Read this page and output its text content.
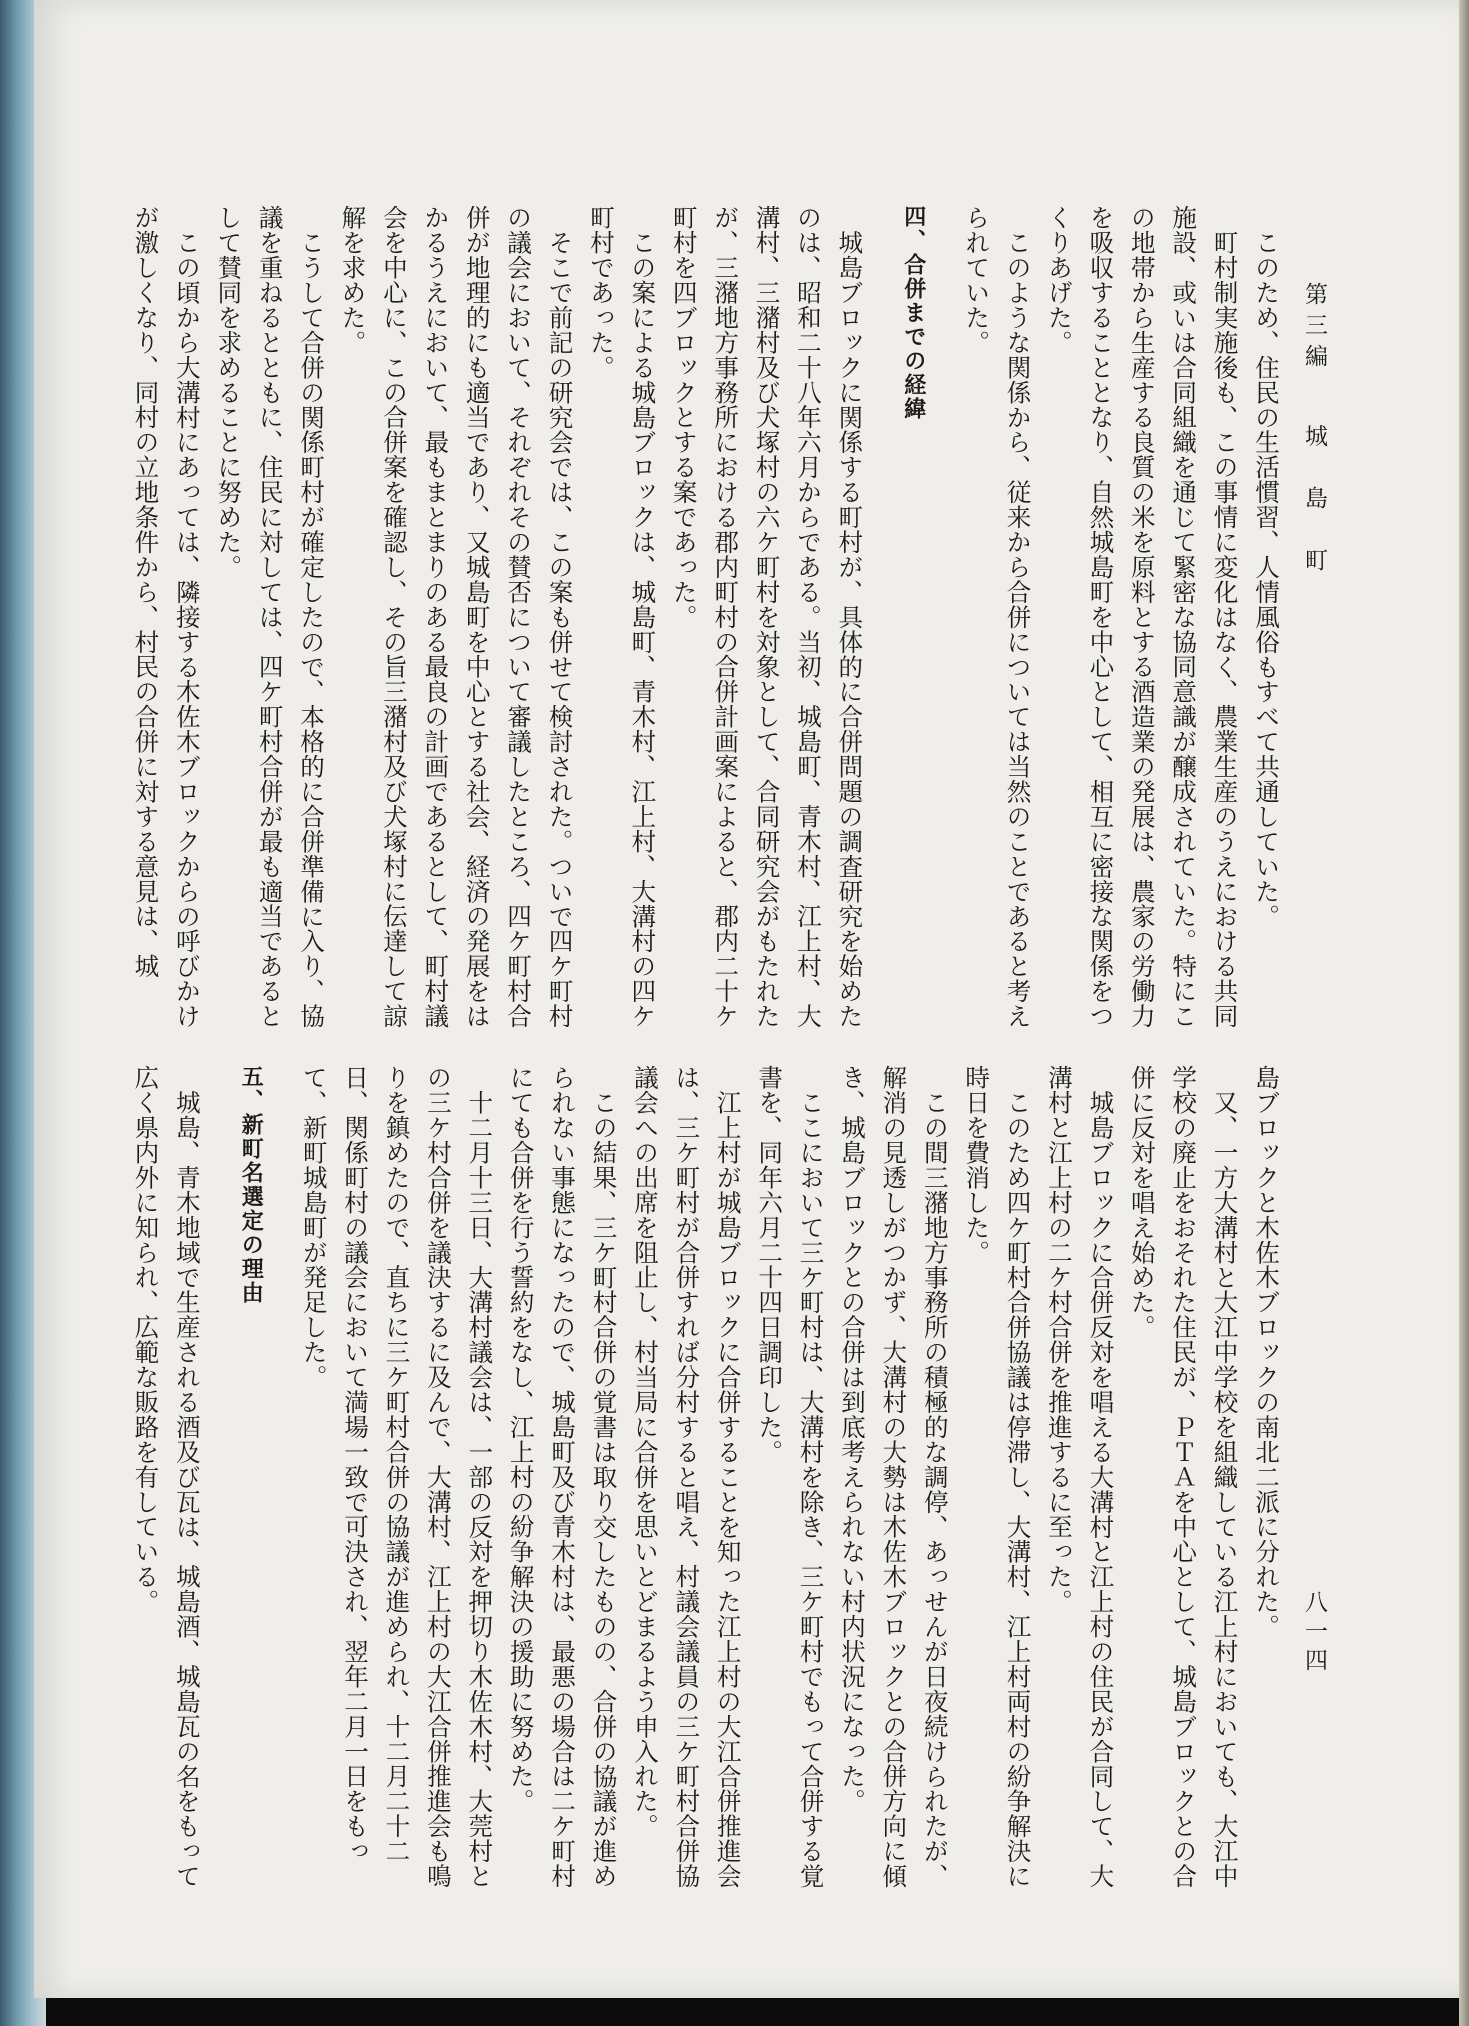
第三編　城　島　町
八一四

このため、住民の生活慣習、人情風俗もすべて共通していた。

町村制実施後も、この事情に変化はなく、農業生産のうえにおける共同施設、或いは合同組織を通じて緊密な協同意識が醸成されていた。特にこの地帯から生産する良質の米を原料とする酒造業の発展は、農家の労働力を吸収することとなり、自然城島町を中心として、相互に密接な関係をつくりあげた。

このような関係から、従来から合併については当然のことであると考えられていた。

四、合併までの経緯

城島ブロックに関係する町村が、具体的に合併問題の調査研究を始めたのは、昭和二十八年六月からである。当初、城島町、青木村、江上村、大溝村、三潴村及び犬塚村の六ケ町村を対象として、合同研究会がもたれたが、三潴地方事務所における郡内町村の合併計画案によると、郡内二十ケ町村を四ブロックとする案であった。

この案による城島ブロックは、城島町、青木村、江上村、大溝村の四ケ町村であった。

そこで前記の研究会では、この案も併せて検討された。ついで四ケ町村の議会において、それぞれその賛否について審議したところ、四ケ町村合併が地理的にも適当であり、又城島町を中心とする社会、経済の発展をはかるうえにおいて、最もまとまりのある最良の計画であるとして、町村議会を中心に、この合併案を確認し、その旨三潴村及び犬塚村に伝達して諒解を求めた。

こうして合併の関係町村が確定したので、本格的に合併準備に入り、協議を重ねるとともに、住民に対しては、四ケ町村合併が最も適当であるとして賛同を求めることに努めた。

この頃から大溝村にあっては、隣接する木佐木ブロックからの呼びかけが激しくなり、同村の立地条件から、村民の合併に対する意見は、城

島ブロックと木佐木ブロックの南北二派に分れた。

又、一方大溝村と大江中学校を組織している江上村においても、大江中学校の廃止をおそれた住民が、ＰＴＡを中心として、城島ブロックとの合併に反対を唱え始めた。

城島ブロックに合併反対を唱える大溝村と江上村の住民が合同して、大溝村と江上村の二ケ村合併を推進するに至った。

このため四ケ町村合併協議は停滞し、大溝村、江上村両村の紛争解決に時日を費消した。

この間三潴地方事務所の積極的な調停、あっせんが日夜続けられたが、解消の見透しがつかず、大溝村の大勢は木佐木ブロックとの合併方向に傾き、城島ブロックとの合併は到底考えられない村内状況になった。

ここにおいて三ケ町村は、大溝村を除き、三ケ町村でもって合併する覚書を、同年六月二十四日調印した。

江上村が城島ブロックに合併することを知った江上村の大江合併推進会は、三ケ町村が合併すれば分村すると唱え、村議会議員の三ケ町村合併協議会への出席を阻止し、村当局に合併を思いとどまるよう申入れた。

この結果、三ケ町村合併の覚書は取り交したものの、合併の協議が進められない事態になったので、城島町及び青木村は、最悪の場合は二ケ町村にても合併を行う誓約をなし、江上村の紛争解決の援助に努めた。

十二月十三日、大溝村議会は、一部の反対を押切り木佐木村、大莞村との三ケ村合併を議決するに及んで、大溝村、江上村の大江合併推進会も鳴りを鎮めたので、直ちに三ケ町村合併の協議が進められ、十二月二十二日、関係町村の議会において満場一致で可決され、翌年二月一日をもって、新町城島町が発足した。

五、新町名選定の理由

城島、青木地域で生産される酒及び瓦は、城島酒、城島瓦の名をもって広く県内外に知られ、広範な販路を有している。
